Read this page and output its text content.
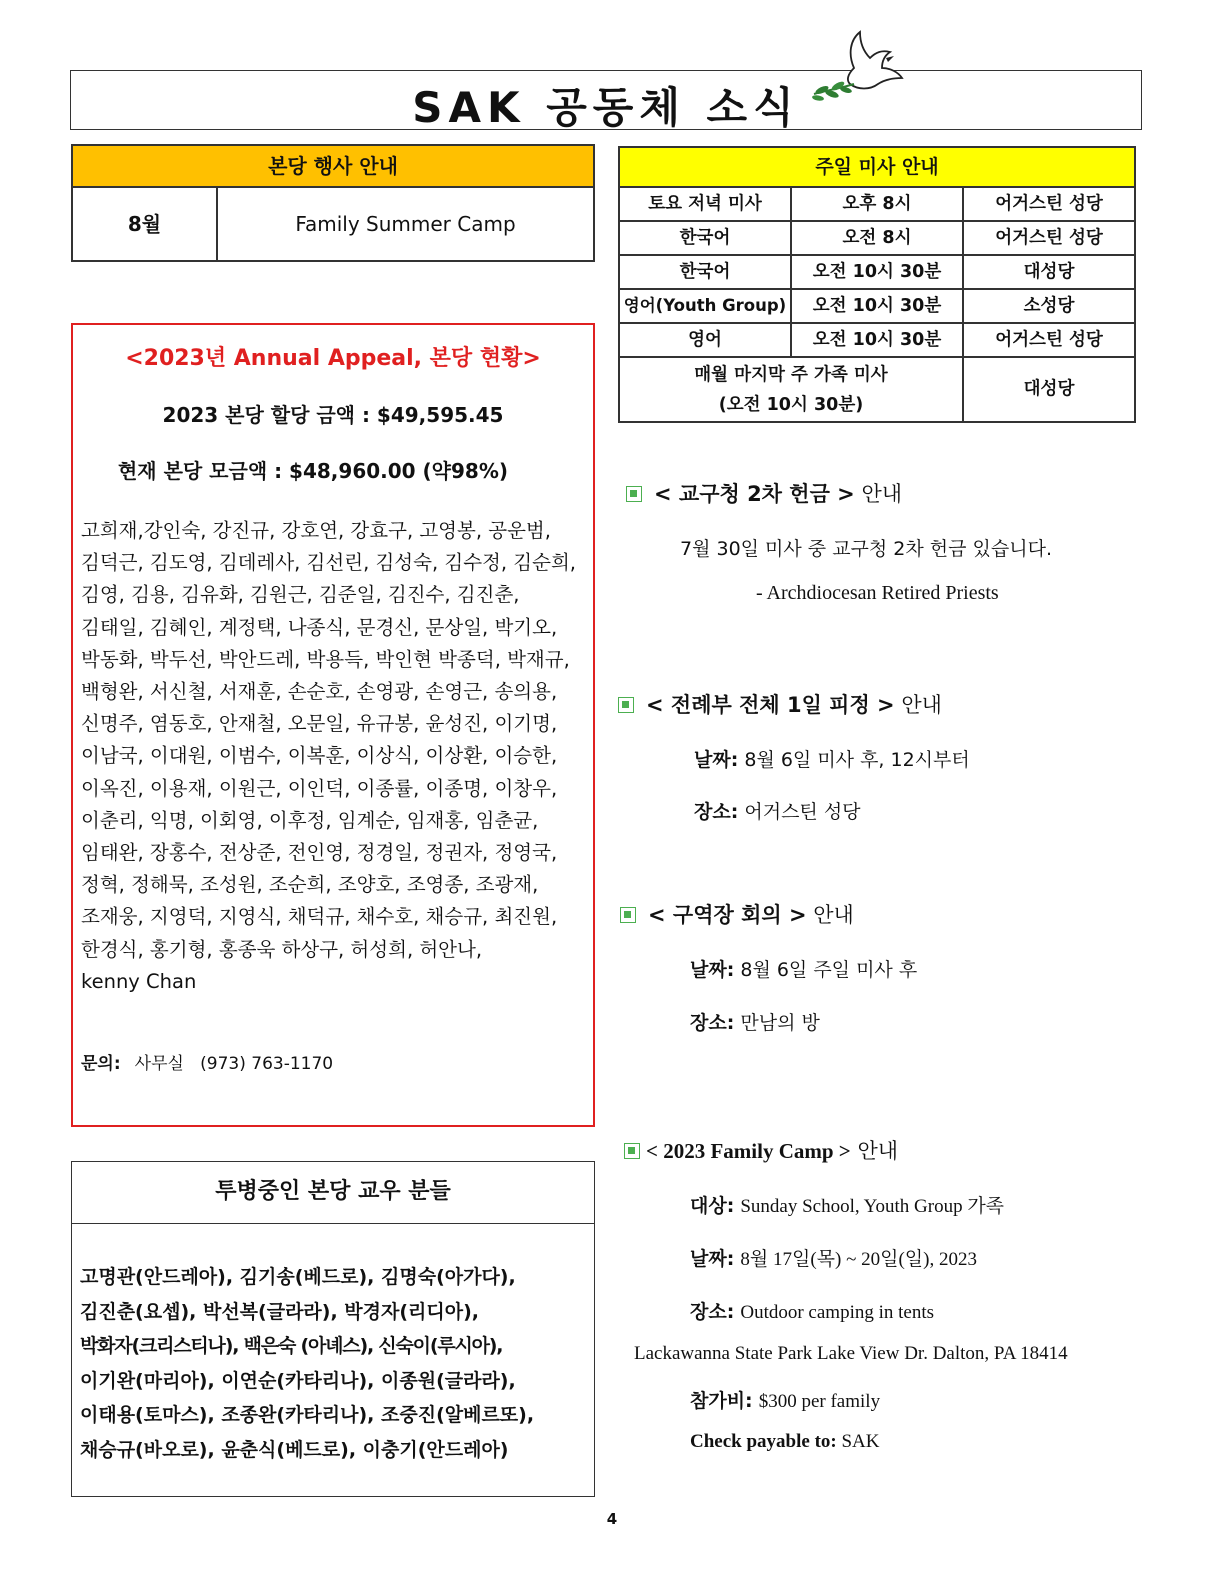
SAK 공동체 소식
본당 행사 안내
8월	Family Summer Camp
<2023년 Annual Appeal, 본당 현황>
2023 본당 할당 금액 : $49,595.45
현재 본당 모금액 : $48,960.00 (약98%)
고희재,강인숙, 강진규, 강호연, 강효구, 고영봉, 공운범,
김덕근, 김도영, 김데레사, 김선린, 김성숙, 김수정, 김순희,
김영, 김용, 김유화, 김원근, 김준일, 김진수, 김진춘,
김태일, 김혜인, 계정택, 나종식, 문경신, 문상일, 박기오,
박동화, 박두선, 박안드레, 박용득, 박인현 박종덕, 박재규,
백형완, 서신철, 서재훈, 손순호, 손영광, 손영근, 송의용,
신명주, 염동호, 안재철, 오문일, 유규봉, 윤성진, 이기명,
이남국, 이대원, 이범수, 이복훈, 이상식, 이상환, 이승한,
이옥진, 이용재, 이원근, 이인덕, 이종률, 이종명, 이창우,
이춘리, 익명, 이회영, 이후정, 임계순, 임재홍, 임춘균,
임태완, 장홍수, 전상준, 전인영, 정경일, 정권자, 정영국,
정혁, 정해묵, 조성원, 조순희, 조양호, 조영종, 조광재,
조재웅, 지영덕, 지영식, 채덕규, 채수호, 채승규, 최진원,
한경식, 홍기형, 홍종욱 하상구, 허성희, 허안나,
kenny Chan
문의: 사무실   (973) 763-1170
투병중인 본당 교우 분들
고명관(안드레아), 김기송(베드로), 김명숙(아가다),
김진춘(요셉), 박선복(글라라), 박경자(리디아),
박화자(크리스티나), 백은숙 (아녜스), 신숙이(루시아),
이기완(마리아), 이연순(카타리나), 이종원(글라라),
이태용(토마스), 조종완(카타리나), 조중진(알베르또),
채승규(바오로), 윤춘식(베드로), 이충기(안드레아)
주일 미사 안내
토요 저녁 미사	오후 8시	어거스틴 성당
한국어	오전 8시	어거스틴 성당
한국어	오전 10시 30분	대성당
영어(Youth Group)	오전 10시 30분	소성당
영어	오전 10시 30분	어거스틴 성당
매월 마지막 주 가족 미사
(오전 10시 30분)
대성당
< 교구청 2차 헌금 > 안내
7월 30일 미사 중 교구청 2차 헌금 있습니다.
- Archdiocesan Retired Priests
< 전례부 전체 1일 피정 > 안내
날짜: 8월 6일 미사 후, 12시부터
장소: 어거스틴 성당
< 구역장 회의 > 안내
날짜: 8월 6일 주일 미사 후
장소: 만남의 방
< 2023 Family Camp > 안내
대상: Sunday School, Youth Group 가족
날짜: 8월 17일(목) ~ 20일(일), 2023
장소: Outdoor camping in tents
Lackawanna State Park Lake View Dr. Dalton, PA 18414
참가비: $300 per family
Check payable to: SAK
4
